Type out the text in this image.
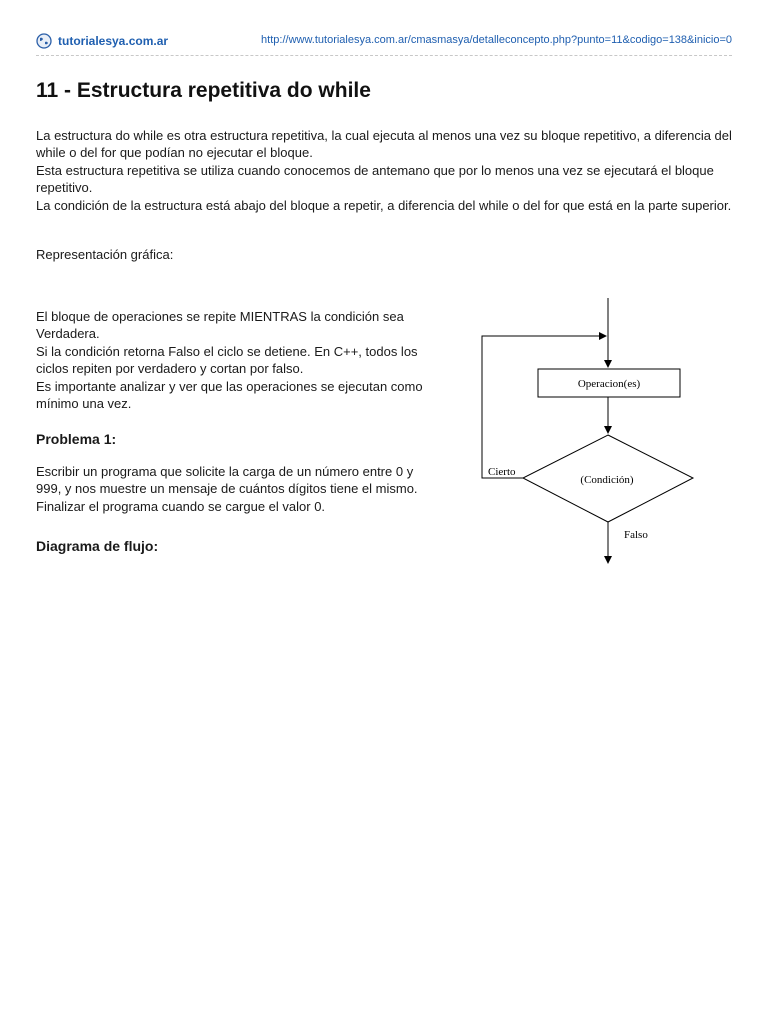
tutorialesya.com.ar	http://www.tutorialesya.com.ar/cmasmasya/detalleconcepto.php?punto=11&codigo=138&inicio=0
11 - Estructura repetitiva do while

La estructura do while es otra estructura repetitiva, la cual ejecuta al menos una vez su bloque repetitivo, a diferencia del while o del for que podían no ejecutar el bloque.

Esta estructura repetitiva se utiliza cuando conocemos de antemano que por lo menos una vez se ejecutará el bloque repetitivo.

La condición de la estructura está abajo del bloque a repetir, a diferencia del while o del for que está en la parte superior.

Representación gráfica:

El bloque de operaciones se repite MIENTRAS la condición sea Verdadera.

Si la condición retorna Falso el ciclo se detiene. En C++, todos los ciclos repiten por verdadero y cortan por falso.

Es importante analizar y ver que las operaciones se ejecutan como mínimo una vez.

Problema 1:

Escribir un programa que solicite la carga de un número entre 0 y 999, y nos muestre un mensaje de cuántos dígitos tiene el mismo. Finalizar el programa cuando se cargue el valor 0.

Diagrama de flujo:
Operacion(es)
(Condición)
Cierto
Falso
